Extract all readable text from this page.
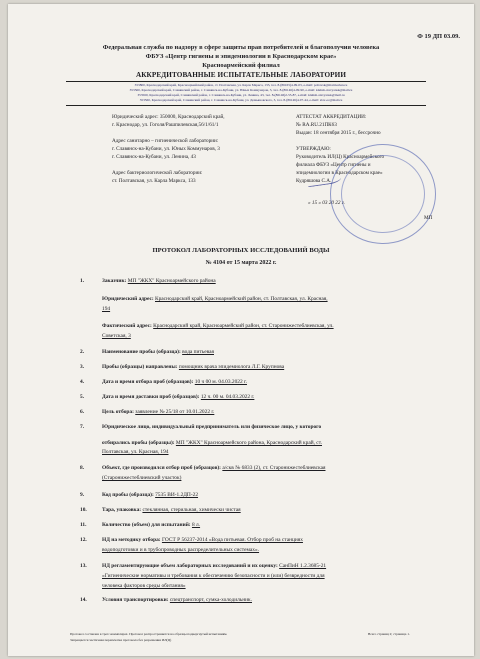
Ф 19 ДП 03.09.
Федеральная служба по надзору в сфере защиты прав потребителей и благополучия человека
ФБУЗ «Центр гигиены и эпидемиологии в Краснодарском крае»
Красноармейский филиал
АККРЕДИТОВАННЫЕ ИСПЫТАТЕЛЬНЫЕ ЛАБОРАТОРИИ
353800, Краснодарский край, Красноармейский район, ст. Полтавская, ул. Карла Маркса, 133, тел. 8-(86165)4-09-03, e-mail: poltavsk@mail.kuban.ru
353560, Краснодарский край, Славянский район, г. Славянск-на-Кубани, ул. Юных Коммунаров, 3, тел. 8-(86146)4-09-90, e-mail: kiuhsh-slavyansk@mail.ru
353560, Краснодарский край, Славянский район, г. Славянск-на-Кубани, ул. Ленина, 43, тел. 8-(86146)2-55-87, e-mail: kiuhsh-slavyansk@mail.ru
353560, Краснодарский край, Славянский район, г. Славянск-на-Кубани, ул. Демьяновского, 3, тел. 8-(86146)4-07-44, e-mail: slav-ec@mail.ru
Юридический адрес: 350000, Краснодарский край,
г. Краснодар, ул. Гоголя/Рашпилевская,56/1/61/1
Адрес санитарно – гигиенической лаборатории:
г. Славянск-на-Кубани, ул. Юных Коммунаров, 3
г. Славянск-на-Кубани, ул. Ленина, 43
Адрес бактериологической лаборатории:
ст. Полтавская, ул. Карла Маркса, 133
АТТЕСТАТ АККРЕДИТАЦИИ:
№ RA.RU.21ПК63
Выдан: 18 сентября 2015 г., бессрочно
УТВЕРЖДАЮ:
Руководитель ИЛ(Ц) Красноармейского
филиала ФБУЗ «Центр гигиены и
эпидемиологии в Краснодарском крае»
Кудряшова С.А.
« 15 » 03 20 22 г.
МП
ПРОТОКОЛ ЛАБОРАТОРНЫХ ИССЛЕДОВАНИЙ ВОДЫ
№ 4104 от 15 марта 2022 г.
1.	Заказчик: МП "ЖКХ" Красноармейского района
Юридический адрес: Краснодарский край, Красноармейский район, ст. Полтавская, ул. Красная,
194
Фактический адрес: Краснодарский край, Красноармейский район, ст. Старонижестеблиевская, ул.
Советская, 3
2.	Наименование пробы (образца): вода питьевая
3.	Пробы (образцы) направлены: помощник врача эпидемиолога Л.Г. Крупнова
4.	Дата и время отбора проб (образцов): 10 ч 00 м. 04.03.2022 г.
5.	Дата и время доставки проб (образцов): 12 ч. 00 м. 04.03.2022 г.
6.	Цель отбора: заявление № 25/18 от 10.01.2022 г.
7.	Юридическое лицо, индивидуальный предприниматель или физическое лицо, у которого
отбирались пробы (образцы): МП "ЖКХ" Красноармейского района, Краснодарский край, ст.
Полтавская, ул. Красная, 194
8.	Объект, где производился отбор проб (образцов): а/скв № 6833 (2), ст. Старонижестеблиевская
(Старонижестеблиевский участок)
9.	Код пробы (образца): 7535 ВИ-1.2ДП-22
10.	Тара, упаковка: стеклянная, стерильная, химически чистая
11.	Количество (объем) для испытаний: 8 л.
12.	НД на методику отбора: ГОСТ Р 56237-2014 «Вода питьевая. Отбор проб на станциях
водоподготовки и в трубопроводных распределительных системах».
13.	НД регламентирующие объем лабораторных исследований и их оценку: СанПиН 1.2.3685-21
«Гигиенические нормативы и требования к обеспечению безопасности и (или) безвредности для
человека факторов среды обитания»
14.	Условия транспортировки: спецтранспорт, сумка-холодильник.
Протокол составлен в трех экземплярах. Протокол распространяется на образцы подвергнутый испытаниям.
Запрещается частичная перепечатка протокола без разрешения ИЛ(Ц)
Всего страниц 2; страница 1.
